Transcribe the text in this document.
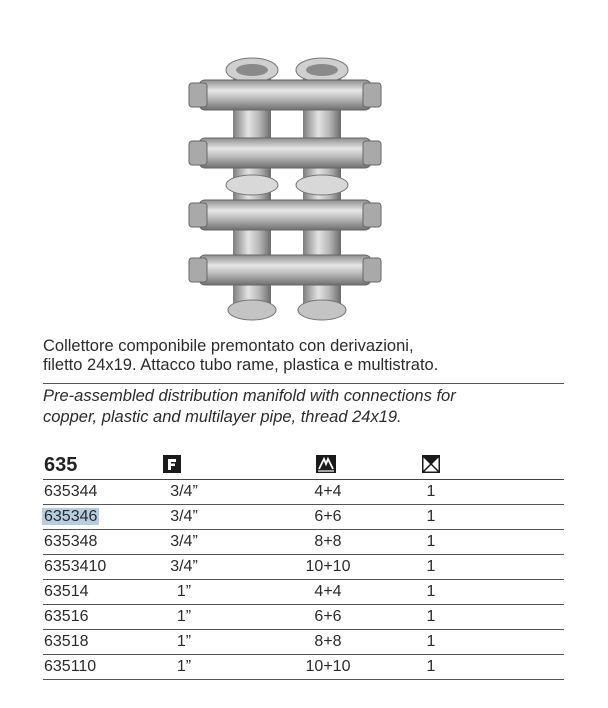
Collettore componibile premontato con derivazioni,
filetto 24x19. Attacco tubo rame, plastica e multistrato.
Pre-assembled distribution manifold with connections for
copper, plastic and multilayer pipe, thread 24x19.
635
635344	3/4”	4+4	1
635346	3/4”	6+6	1
635348	3/4”	8+8	1
6353410	3/4”	10+10	1
63514	1”	4+4	1
63516	1”	6+6	1
63518	1”	8+8	1
635110	1”	10+10	1
